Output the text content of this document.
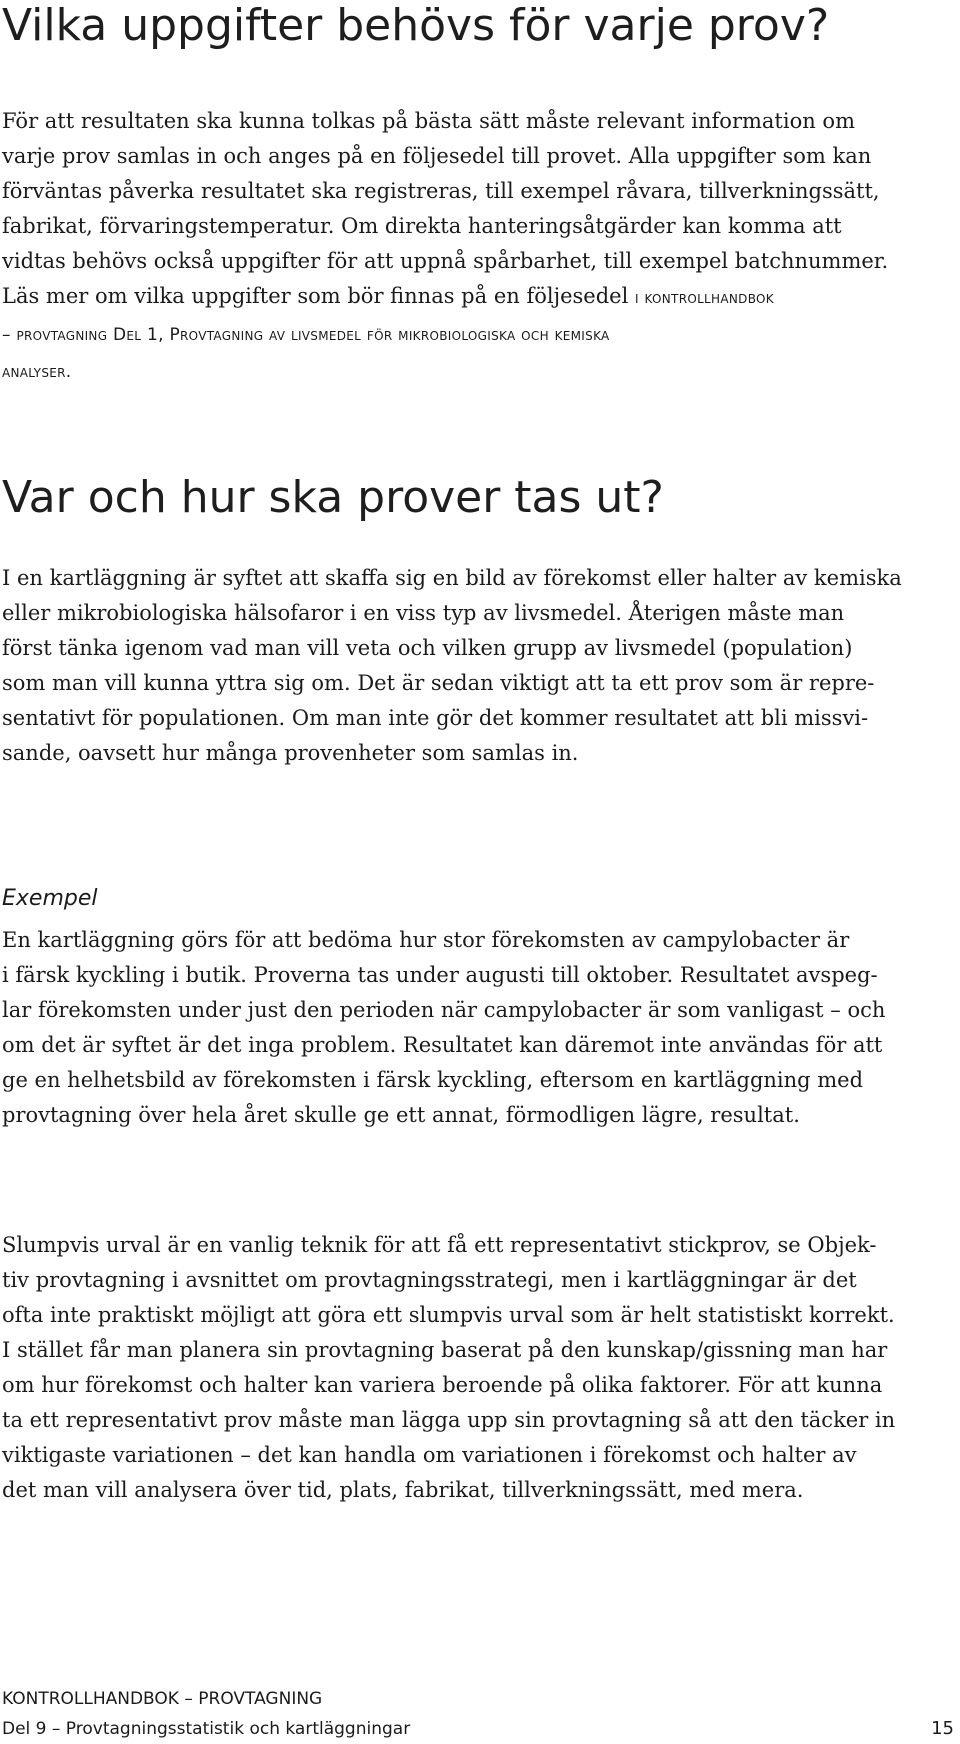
Vilka uppgifter behövs för varje prov?
För att resultaten ska kunna tolkas på bästa sätt måste relevant information om
varje prov samlas in och anges på en följesedel till provet. Alla uppgifter som kan
förväntas påverka resultatet ska registreras, till exempel råvara, tillverkningssätt,
fabrikat, förvaringstemperatur. Om direkta hanteringsåtgärder kan komma att
vidtas behövs också uppgifter för att uppnå spårbarhet, till exempel batchnummer.
Läs mer om vilka uppgifter som bör finnas på en följesedel i kontrollhandbok
– provtagning Del 1, Provtagning av livsmedel för mikrobiologiska och kemiska
analyser.
Var och hur ska prover tas ut?
I en kartläggning är syftet att skaffa sig en bild av förekomst eller halter av kemiska
eller mikrobiologiska hälsofaror i en viss typ av livsmedel. Återigen måste man
först tänka igenom vad man vill veta och vilken grupp av livsmedel (population)
som man vill kunna yttra sig om. Det är sedan viktigt att ta ett prov som är repre-
sentativt för populationen. Om man inte gör det kommer resultatet att bli missvi-
sande, oavsett hur många provenheter som samlas in.
Exempel
En kartläggning görs för att bedöma hur stor förekomsten av campylobacter är
i färsk kyckling i butik. Proverna tas under augusti till oktober. Resultatet avspeg-
lar förekomsten under just den perioden när campylobacter är som vanligast – och
om det är syftet är det inga problem. Resultatet kan däremot inte användas för att
ge en helhetsbild av förekomsten i färsk kyckling, eftersom en kartläggning med
provtagning över hela året skulle ge ett annat, förmodligen lägre, resultat.
Slumpvis urval är en vanlig teknik för att få ett representativt stickprov, se Objek-
tiv provtagning i avsnittet om provtagningsstrategi, men i kartläggningar är det
ofta inte praktiskt möjligt att göra ett slumpvis urval som är helt statistiskt korrekt.
I stället får man planera sin provtagning baserat på den kunskap/gissning man har
om hur förekomst och halter kan variera beroende på olika faktorer. För att kunna
ta ett representativt prov måste man lägga upp sin provtagning så att den täcker in
viktigaste variationen – det kan handla om variationen i förekomst och halter av
det man vill analysera över tid, plats, fabrikat, tillverkningssätt, med mera.
KONTROLLHANDBOK – PROVTAGNING
Del 9 – Provtagningsstatistik och kartläggningar	15
